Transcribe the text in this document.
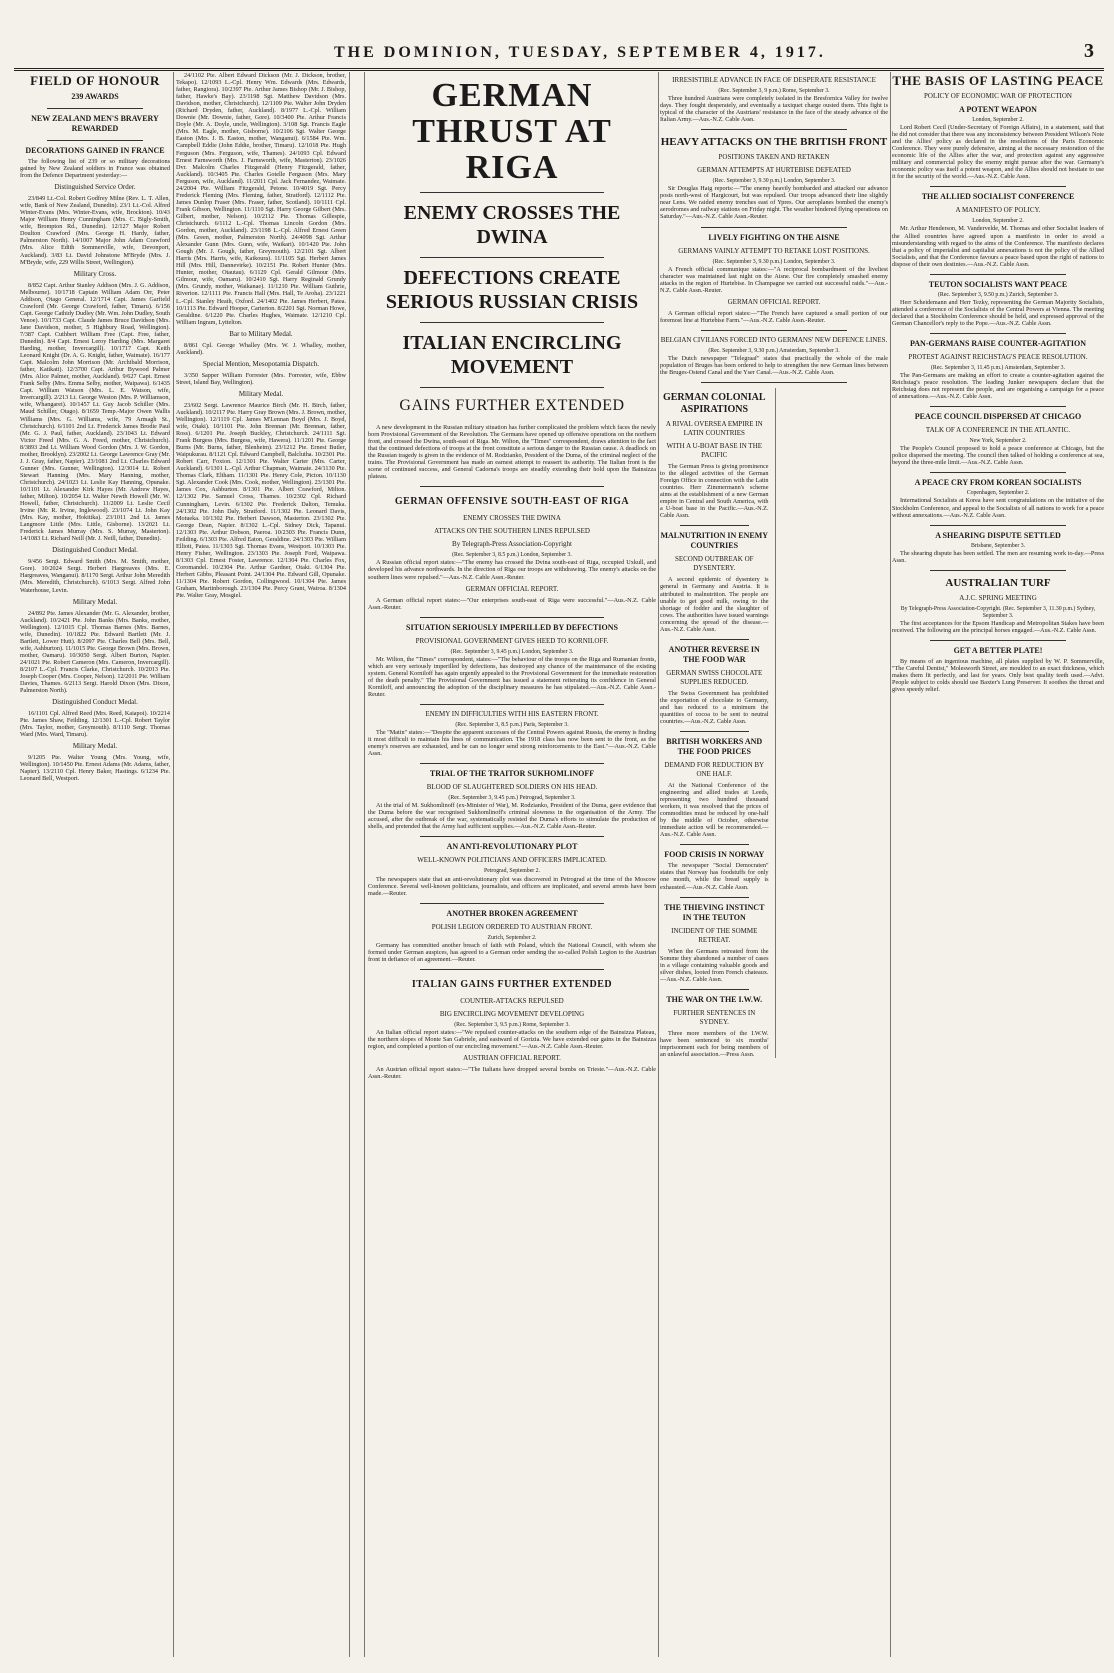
THE DOMINION, TUESDAY, SEPTEMBER 4, 1917.	3
FIELD OF HONOUR
239 AWARDS
NEW ZEALAND MEN'S BRAVERY REWARDED
DECORATIONS GAINED IN FRANCE

The following list of 239 or so military decorations gained by New Zealand soldiers in France was obtained from the Defence Department yesterday:—

Distinguished Service Order.

23/849 Lt.-Col. Robert Godfrey Milne (Rev. L. T. Allen, wife, Bank of New Zealand, Dunedin). 23/1 Lt.-Col. Alfred Winter-Evans (Mrs. Winter-Evans, wife, Brockton). 10/43 Major William Henry Cunningham (Mrs. C. Bigly-Smith, wife, Brompton Rd., Dunedin). 12/127 Major Robert Doulton Crawford (Mrs. George H. Hardy, father, Palmerston North). 14/1007 Major John Adam Crawford (Mrs. Alice Edith Sommerville, wife, Devonport, Auckland). 3/83 Lt. David Johnstone M'Bryde (Mrs. J. M'Bryde, wife, 229 Willis Street, Wellington).

Military Cross.

8/852 Capt. Arthur Stanley Addison (Mrs. J. G. Addison, Melbourne). 10/1718 Captain William Adam Orr, Peter Addison, Otago General. 12/1714 Capt. James Garfield Crawford (Mr. George Crawford, father, Timaru). 6/156 Capt. George Cathidy Dudley (Mr. Wm. John Dudley, South Venoe). 10/1733 Capt. Claude James Bruce Davidson (Mrs. Jane Davidson, mother, 5 Highbury Road, Wellington). 7/387 Capt. Cuthbert William Free (Capt. Free, father, Dunedin). 8/4 Capt. Ernest Leroy Harding (Mrs. Margaret Harding, mother, Invercargill). 10/1717 Capt. Keith Leonard Knight (Dr. A. G. Knight, father, Waimate). 16/177 Capt. Malcolm John Morrison (Mr. Archibald Morrison, father, Katikati). 12/3700 Capt. Arthur Bywood Palmer (Mrs. Alice Palmer, mother, Auckland). 9/627 Capt. Ernest Frank Selby (Mrs. Emma Selby, mother, Waipawa). 6/1435 Capt. William Watson (Mrs. L. E. Watson, wife, Invercargill). 2/213 Lt. George Weston (Mrs. P. Williamson, wife, Whangarei). 10/1457 Lt. Guy Jacob Schiller (Mrs. Maud Schiller, Otago). 8/1659 Temp.-Major Owen Wallis Williams (Mrs. G. Williams, wife, 79 Armagh St., Christchurch). 6/1101 2nd Lt. Frederick James Brodie Paul (Mr. G. J. Paul, father, Auckland). 23/1043 Lt. Edward Victor Freed (Mrs. G. A. Freed, mother, Christchurch). 8/3893 2nd Lt. William Wood Gordon (Mrs. J. W. Gordon, mother, Brooklyn). 23/2002 Lt. George Lawrence Gray (Mr. J. J. Gray, father, Napier). 23/1081 2nd Lt. Charles Edward Gunner (Mrs. Gunner, Wellington). 12/3014 Lt. Robert Stewart Hanning (Mrs. Mary Hanning, mother, Christchurch). 24/1023 Lt. Leslie Kay Hanning, Opunake. 10/1101 Lt. Alexander Kirk Hayes (Mr. Andrew Hayes, father, Milton). 10/2054 Lt. Walter Newth Howell (Mr. W. Howell, father, Christchurch). 11/2009 Lt. Leslie Cecil Irvine (Mr. R. Irvine, Inglewood). 23/1074 Lt. John Kay (Mrs. Kay, mother, Hokitika). 23/1011 2nd Lt. James Langmore Little (Mrs. Little, Gisborne). 13/2021 Lt. Frederick James Murray (Mrs. S. Murray, Masterton). 14/1083 Lt. Richard Neill (Mr. J. Neill, father, Dunedin).

Distinguished Conduct Medal.

9/456 Sergt. Edward Smith (Mrs. M. Smith, mother, Gore). 10/2024 Sergt. Herbert Hargreaves (Mrs. E. Hargreaves, Wanganui). 8/1170 Sergt. Arthur John Meredith (Mrs. Meredith, Christchurch). 6/1013 Sergt. Alfred John Waterhouse, Levin.

Military Medal.

24/892 Pte. James Alexander (Mr. G. Alexander, brother, Auckland). 10/2421 Pte. John Banks (Mrs. Banks, mother, Wellington). 12/1015 Cpl. Thomas Barnes (Mrs. Barnes, wife, Dunedin). 10/1822 Pte. Edward Bartlett (Mr. J. Bartlett, Lower Hutt). 8/2097 Pte. Charles Bell (Mrs. Bell, wife, Ashburton). 11/1015 Pte. George Brown (Mrs. Brown, mother, Oamaru). 10/3050 Sergt. Albert Burton, Napier. 24/1021 Pte. Robert Cameron (Mrs. Cameron, Invercargill). 8/2107 L.-Cpl. Francis Clarke, Christchurch. 10/2013 Pte. Joseph Cooper (Mrs. Cooper, Nelson). 12/2011 Pte. William Davies, Thames. 6/2113 Sergt. Harold Dixon (Mrs. Dixon, Palmerston North).

Distinguished Conduct Medal.

16/1101 Cpl. Alfred Reed (Mrs. Reed, Kaiapoi). 10/2214 Pte. James Shaw, Feilding. 12/1301 L.-Cpl. Robert Taylor (Mrs. Taylor, mother, Greymouth). 8/1110 Sergt. Thomas Ward (Mrs. Ward, Timaru).

Military Medal.

9/1205 Pte. Walter Young (Mrs. Young, wife, Wellington). 10/1450 Pte. Ernest Adams (Mr. Adams, father, Napier). 13/2110 Cpl. Henry Baker, Hastings. 6/1234 Pte. Leonard Bell, Westport.

24/1102 Pte. Albert Edward Dickson (Mr. J. Dickson, brother, Tekapo). 12/1093 L.-Cpl. Henry Wm. Edwards (Mrs. Edwards, father, Rangiora). 10/2397 Pte. Arthur James Bishop (Mr. J. Bishop, father, Hawke's Bay). 23/1198 Sgt. Matthew Davidson (Mrs. Davidson, mother, Christchurch). 12/1109 Pte. Walter John Dryden (Richard Dryden, father, Auckland). 8/1977 L.-Cpl. William Downie (Mr. Downie, father, Gore). 10/3400 Pte. Arthur Francis Doyle (Mr. A. Doyle, uncle, Wellington). 3/108 Sgt. Francis Eagle (Mrs. M. Eagle, mother, Gisborne). 10/2106 Sgt. Walter George Easton (Mrs. J. B. Easton, mother, Wanganui). 6/1584 Pte. Wm. Campbell Eddie (John Eddie, brother, Timaru). 12/1018 Pte. Hugh Ferguson (Mrs. Ferguson, wife, Thames). 24/1093 Cpl. Edward Ernest Farnsworth (Mrs. J. Farnsworth, wife, Masterton). 23/1026 Dvr. Malcolm Charles Fitzgerald (Henry Fitzgerald, father, Auckland). 10/3405 Pte. Charles Gotelle Ferguson (Mrs. Mary Ferguson, wife, Auckland). 11/2011 Cpl. Jack Fernandez, Waimate. 24/2004 Pte. William Fitzgerald, Petone. 10/4019 Sgt. Percy Frederick Fleming (Mrs. Fleming, father, Stratford). 12/1112 Pte. James Dunlop Fraser (Mrs. Fraser, father, Scotland). 10/1111 Cpl. Frank Gibson, Wellington. 11/1110 Sgt. Harry George Gilbert (Mrs. Gilbert, mother, Nelson). 10/2112 Pte. Thomas Gillespie, Christchurch. 6/1112 L.-Cpl. Thomas Lincoln Gordon (Mrs. Gordon, mother, Auckland). 23/1198 L.-Cpl. Alfred Ernest Green (Mrs. Green, mother, Palmerston North). 24/4098 Sgt. Arthur Alexander Gunn (Mrs. Gunn, wife, Waikari). 10/1420 Pte. John Gough (Mr. J. Gough, father, Greymouth). 12/2101 Sgt. Albert Harris (Mrs. Harris, wife, Kaikoura). 11/1105 Sgt. Herbert James Hill (Mrs. Hill, Dannevirke). 10/2151 Pte. Robert Hunter (Mrs. Hunter, mother, Otautau). 6/1129 Cpl. Gerald Gilmour (Mrs. Gilmour, wife, Oamaru). 10/2410 Sgt. Harry Reginald Grundy (Mrs. Grundy, mother, Waikanae). 11/1210 Pte. William Guthrie, Riverton. 12/1111 Pte. Francis Hall (Mrs. Hall, Te Aroha). 23/1221 L.-Cpl. Stanley Heath, Oxford. 24/1402 Pte. James Herbert, Patea. 10/1113 Pte. Edward Hooper, Carterton. 8/2201 Sgt. Norman Howe, Geraldine. 6/1220 Pte. Charles Hughes, Waimate. 12/1210 Cpl. William Ingram, Lyttelton.

Bar to Military Medal.

8/861 Cpl. George Whalley (Mrs. W. J. Whalley, mother, Auckland).

Special Mention, Mesopotamia Dispatch.

3/350 Sapper William Forrester (Mrs. Forrester, wife, Ebbw Street, Island Bay, Wellington).

Military Medal.

23/602 Sergt. Lawrence Maurice Birch (Mr. H. Birch, father, Auckland). 10/2117 Pte. Harry Gray Brown (Mrs. J. Brown, mother, Wellington). 12/1119 Cpl. James M'Lennan Boyd (Mrs. J. Boyd, wife, Otaki). 10/1101 Pte. John Brennan (Mr. Brennan, father, Ross). 6/1201 Pte. Joseph Buckley, Christchurch. 24/1111 Sgt. Frank Burgess (Mrs. Burgess, wife, Hawera). 11/1201 Pte. George Burns (Mr. Burns, father, Blenheim). 23/1212 Pte. Ernest Butler, Waipukurau. 8/1121 Cpl. Edward Campbell, Balclutha. 10/2301 Pte. Robert Carr, Foxton. 12/1301 Pte. Walter Carter (Mrs. Carter, Auckland). 6/1301 L.-Cpl. Arthur Chapman, Waimate. 24/1130 Pte. Thomas Clark, Eltham. 11/1301 Pte. Henry Cole, Picton. 10/1130 Sgt. Alexander Cook (Mrs. Cook, mother, Wellington). 23/1301 Pte. James Cox, Ashburton. 8/1301 Pte. Albert Crawford, Milton. 12/1302 Pte. Samuel Cross, Thames. 10/2302 Cpl. Richard Cunningham, Levin. 6/1302 Pte. Frederick Dalton, Temuka. 24/1302 Pte. John Daly, Stratford. 11/1302 Pte. Leonard Davis, Motueka. 10/1302 Pte. Herbert Dawson, Masterton. 23/1302 Pte. George Dean, Napier. 8/1302 L.-Cpl. Sidney Dick, Tapanui. 12/1303 Pte. Arthur Dobson, Paeroa. 10/2303 Pte. Francis Dunn, Feilding. 6/1303 Pte. Alfred Eaton, Geraldine. 24/1303 Pte. William Elliott, Patea. 11/1303 Sgt. Thomas Evans, Westport. 10/1303 Pte. Henry Fisher, Wellington. 23/1303 Pte. Joseph Ford, Waipawa. 8/1303 Cpl. Ernest Foster, Lawrence. 12/1304 Pte. Charles Fox, Coromandel. 10/2304 Pte. Arthur Gardner, Otaki. 6/1304 Pte. Herbert Gibbs, Pleasant Point. 24/1304 Pte. Edward Gill, Opunake. 11/1304 Pte. Robert Gordon, Collingwood. 10/1304 Pte. James Graham, Martinborough. 23/1304 Pte. Percy Grant, Wairoa. 8/1304 Pte. Walter Gray, Mosgiel.

GERMAN THRUST AT RIGA
ENEMY CROSSES THE DWINA
DEFECTIONS CREATE SERIOUS RUSSIAN CRISIS
ITALIAN ENCIRCLING MOVEMENT
GAINS FURTHER EXTENDED

A new development in the Russian military situation has further complicated the problem which faces the newly born Provisional Government of the Revolution. The Germans have opened up offensive operations on the northern front, and crossed the Dwina, south-east of Riga. Mr. Wilton, the "Times" correspondent, draws attention to the fact that the continued defections of troops at the front constitute a serious danger to the Russian cause. A deadlock on the Russian tragedy is given in the evidence of M. Rodzianko, President of the Duma, of the criminal neglect of the trains. The Provisional Government has made an earnest attempt to reassert its authority. The Italian front is the scene of continued success, and General Cadorna's troops are steadily extending their hold upon the Bainsizza plateau.

GERMAN OFFENSIVE SOUTH-EAST OF RIGA
ENEMY CROSSES THE DWINA
ATTACKS ON THE SOUTHERN LINES REPULSED
By Telegraph-Press Association-Copyright

(Rec. September 3, 8.5 p.m.) London, September 3.

A Russian official report states:—"The enemy has crossed the Dvina south-east of Riga, occupied Uxkull, and developed his advance northwards. In the direction of Riga our troops are withdrawing. The enemy's attacks on the southern lines were repulsed."—Aus.-N.Z. Cable Assn.-Reuter.

GERMAN OFFICIAL REPORT.

A German official report states:—"Our enterprises south-east of Riga were successful."—Aus.-N.Z. Cable Assn.-Reuter.

SITUATION SERIOUSLY IMPERILLED BY DEFECTIONS
PROVISIONAL GOVERNMENT GIVES HEED TO KORNILOFF.

(Rec. September 3, 9.45 p.m.) London, September 3.

Mr. Wilton, the "Times" correspondent, states:—"The behaviour of the troops on the Riga and Rumanian fronts, which are very seriously imperilled by defections, has destroyed any chance of the maintenance of the existing system. General Korniloff has again urgently appealed to the Provisional Government for the immediate restoration of the death penalty." The Provisional Government has issued a statement reiterating its confidence in General Korniloff, and announcing the adoption of the disciplinary measures he has stipulated.—Aus.-N.Z. Cable Assn.-Reuter.

ENEMY IN DIFFICULTIES WITH HIS EASTERN FRONT.

(Rec. September 3, 8.5 p.m.) Paris, September 3.

The "Matin" states:—"Despite the apparent successes of the Central Powers against Russia, the enemy is finding it most difficult to maintain his lines of communication. The 1918 class has now been sent to the front, as the enemy's reserves are exhausted, and he can no longer send strong reinforcements to the East."—Aus.-N.Z. Cable Assn.

TRIAL OF THE TRAITOR SUKHOMLINOFF
BLOOD OF SLAUGHTERED SOLDIERS ON HIS HEAD.

(Rec. September 3, 9.45 p.m.) Petrograd, September 3.

At the trial of M. Sukhomlinoff (ex-Minister of War), M. Rodzianko, President of the Duma, gave evidence that the Duma before the war recognised Sukhomlinoff's criminal slowness in the organisation of the Army. The accused, after the outbreak of the war, systematically resisted the Duma's efforts to stimulate the production of shells, and pretended that the Army had sufficient supplies.—Aus.-N.Z. Cable Assn.-Reuter.

AN ANTI-REVOLUTIONARY PLOT
WELL-KNOWN POLITICIANS AND OFFICERS IMPLICATED.

Petrograd, September 2.

The newspapers state that an anti-revolutionary plot was discovered in Petrograd at the time of the Moscow Conference. Several well-known politicians, journalists, and officers are implicated, and several arrests have been made.—Reuter.

ANOTHER BROKEN AGREEMENT
POLISH LEGION ORDERED TO AUSTRIAN FRONT.

Zurich, September 2.

Germany has committed another breach of faith with Poland, which the National Council, with whom she formed under German auspices, has agreed to a German order sending the so-called Polish Legion to the Austrian front in defiance of an agreement.—Reuter.

ITALIAN GAINS FURTHER EXTENDED
COUNTER-ATTACKS REPULSED
BIG ENCIRCLING MOVEMENT DEVELOPING

(Rec. September 3, 9.5 p.m.) Rome, September 3.

An Italian official report states:—"We repulsed counter-attacks on the southern edge of the Bainsizza Plateau, the northern slopes of Monte San Gabriele, and eastward of Gorizia. We have extended our gains in the Bainsizza region, and completed a portion of our encircling movement."—Aus.-N.Z. Cable Assn.-Reuter.

AUSTRIAN OFFICIAL REPORT.

An Austrian official report states:—"The Italians have dropped several bombs on Trieste."—Aus.-N.Z. Cable Assn.-Reuter.

IRRESISTIBLE ADVANCE IN FACE OF DESPERATE RESISTANCE

(Rec. September 3, 9 p.m.) Rome, September 3.

Three hundred Austrians were completely isolated in the Bresfornica Valley for twelve days. They fought desperately, and eventually a taxiquet charge ousted them. This fight is typical of the character of the Austrians' resistance in the face of the steady advance of the Italian Army.—Aus.-N.Z. Cable Assn.

HEAVY ATTACKS ON THE BRITISH FRONT
POSITIONS TAKEN AND RETAKEN
GERMAN ATTEMPTS AT HURTEBISE DEFEATED

(Rec. September 3, 9.30 p.m.) London, September 3.

Sir Douglas Haig reports:—"The enemy heavily bombarded and attacked our advance posts north-west of Hargicourt, but was repulsed. Our troops advanced their line slightly near Lens. We raided enemy trenches east of Ypres. Our aeroplanes bombed the enemy's aerodromes and railway stations on Friday night. The weather hindered flying operations on Saturday."—Aus.-N.Z. Cable Assn.-Reuter.

LIVELY FIGHTING ON THE AISNE
GERMANS VAINLY ATTEMPT TO RETAKE LOST POSITIONS.

(Rec. September 3, 9.30 p.m.) London, September 3.

A French official communique states:—"A reciprocal bombardment of the liveliest character was maintained last night on the Aisne. Our fire completely smashed enemy attacks in the region of Hurtebise. In Champagne we carried out successful raids."—Aus.-N.Z. Cable Assn.-Reuter.

GERMAN OFFICIAL REPORT.

A German official report states:—"The French have captured a small portion of our foremost line at Hurtebise Farm."—Aus.-N.Z. Cable Assn.-Reuter.

BELGIAN CIVILIANS FORCED INTO GERMANS' NEW DEFENCE LINES.

(Rec. September 3, 9.30 p.m.) Amsterdam, September 3.

The Dutch newspaper "Telegraaf" states that practically the whole of the male population of Bruges has been ordered to help to strengthen the new German lines between the Bruges-Ostend Canal and the Yser Canal.—Aus.-N.Z. Cable Assn.

GERMAN COLONIAL ASPIRATIONS
A RIVAL OVERSEA EMPIRE IN LATIN COUNTRIES
WITH A U-BOAT BASE IN THE PACIFIC

The German Press is giving prominence to the alleged activities of the German Foreign Office in connection with the Latin countries. Herr Zimmermann's scheme aims at the establishment of a new German empire in Central and South America, with a U-boat base in the Pacific.—Aus.-N.Z. Cable Assn.

MALNUTRITION IN ENEMY COUNTRIES
SECOND OUTBREAK OF DYSENTERY.

A second epidemic of dysentery is general in Germany and Austria. It is attributed to malnutrition. The people are unable to get good milk, owing to the shortage of fodder and the slaughter of cows. The authorities have issued warnings concerning the spread of the disease.—Aus.-N.Z. Cable Assn.

ANOTHER REVERSE IN THE FOOD WAR
GERMAN SWISS CHOCOLATE SUPPLIES REDUCED.

The Swiss Government has prohibited the exportation of chocolate to Germany, and has reduced to a minimum the quantities of cocoa to be sent to neutral countries.—Aus.-N.Z. Cable Assn.

BRITISH WORKERS AND THE FOOD PRICES
DEMAND FOR REDUCTION BY ONE HALF.

At the National Conference of the engineering and allied trades at Leeds, representing two hundred thousand workers, it was resolved that the prices of commodities must be reduced by one-half by the middle of October, otherwise immediate action will be recommended.—Aus.-N.Z. Cable Assn.

FOOD CRISIS IN NORWAY

The newspaper "Social Democraten" states that Norway has foodstuffs for only one month, while the bread supply is exhausted.—Aus.-N.Z. Cable Assn.

THE THIEVING INSTINCT IN THE TEUTON
INCIDENT OF THE SOMME RETREAT.

When the Germans retreated from the Somme they abandoned a number of cases in a village containing valuable goods and silver dishes, looted from French chateaux.—Aus.-N.Z. Cable Assn.

THE WAR ON THE I.W.W.
FURTHER SENTENCES IN SYDNEY.

Three more members of the I.W.W. have been sentenced to six months' imprisonment each for being members of an unlawful association.—Press Assn.

THE BASIS OF LASTING PEACE
POLICY OF ECONOMIC WAR OF PROTECTION
A POTENT WEAPON

London, September 2.

Lord Robert Cecil (Under-Secretary of Foreign Affairs), in a statement, said that he did not consider that there was any inconsistency between President Wilson's Note and the Allies' policy as declared in the resolutions of the Paris Economic Conference. They were purely defensive, aiming at the necessary restoration of the economic life of the Allies after the war, and protection against any aggressive military and commercial policy the enemy might pursue after the war. Germany's economic policy was itself a potent weapon, and the Allies should not hesitate to use it for the security of the world.—Aus.-N.Z. Cable Assn.

THE ALLIED SOCIALIST CONFERENCE
A MANIFESTO OF POLICY.

London, September 2.

Mr. Arthur Henderson, M. Vandervelde, M. Thomas and other Socialist leaders of the Allied countries have agreed upon a manifesto in order to avoid a misunderstanding with regard to the aims of the Conference. The manifesto declares that a policy of imperialist and capitalist annexations is not the policy of the Allied Socialists, and that the Conference favours a peace based upon the right of nations to dispose of their own destinies.—Aus.-N.Z. Cable Assn.

TEUTON SOCIALISTS WANT PEACE

(Rec. September 3, 9.50 p.m.) Zurich, September 3.

Herr Scheidemann and Herr Tezky, representing the German Majority Socialists, attended a conference of the Socialists of the Central Powers at Vienna. The meeting declared that a Stockholm Conference should be held, and expressed approval of the German Chancellor's reply to the Pope.—Aus.-N.Z. Cable Assn.

PAN-GERMANS RAISE COUNTER-AGITATION
PROTEST AGAINST REICHSTAG'S PEACE RESOLUTION.

(Rec. September 3, 11.45 p.m.) Amsterdam, September 3.

The Pan-Germans are making an effort to create a counter-agitation against the Reichstag's peace resolution. The leading Junker newspapers declare that the Reichstag does not represent the people, and are organising a campaign for a peace of annexations.—Aus.-N.Z. Cable Assn.

PEACE COUNCIL DISPERSED AT CHICAGO
TALK OF A CONFERENCE IN THE ATLANTIC.

New York, September 2.

The People's Council proposed to hold a peace conference at Chicago, but the police dispersed the meeting. The council then talked of holding a conference at sea, beyond the three-mile limit.—Aus.-N.Z. Cable Assn.

A PEACE CRY FROM KOREAN SOCIALISTS

Copenhagen, September 2.

International Socialists at Korea have sent congratulations on the initiative of the Stockholm Conference, and appeal to the Socialists of all nations to work for a peace without annexations.—Aus.-N.Z. Cable Assn.

A SHEARING DISPUTE SETTLED

Brisbane, September 3.

The shearing dispute has been settled. The men are resuming work to-day.—Press Assn.

AUSTRALIAN TURF
A.J.C. SPRING MEETING

By Telegraph-Press Association-Copyright. (Rec. September 3, 11.30 p.m.) Sydney, September 3.

The first acceptances for the Epsom Handicap and Metropolitan Stakes have been received. The following are the principal horses engaged.—Aus.-N.Z. Cable Assn.

GET A BETTER PLATE!

By means of an ingenious machine, all plates supplied by W. P. Sommerville, "The Careful Dentist," Molesworth Street, are moulded to an exact thickness, which makes them fit perfectly, and last for years. Only best quality teeth used.—Advt. People subject to colds should use Baxter's Lung Preserver. It soothes the throat and gives speedy relief.
